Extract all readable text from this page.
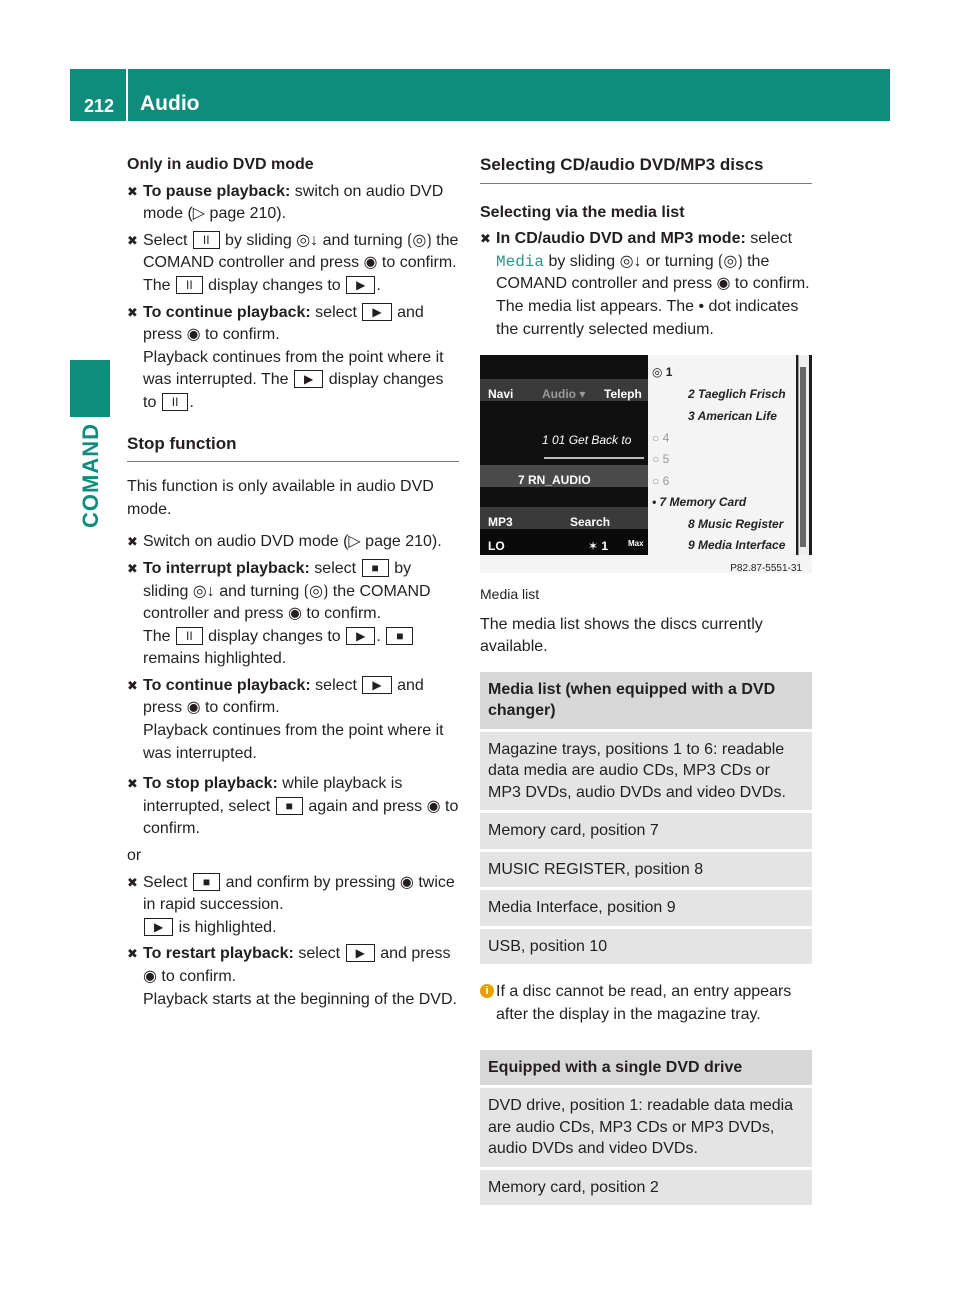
212 Audio
COMAND
Only in audio DVD mode
✖ To pause playback: switch on audio DVD mode (▷ page 210).
✖ Select II by sliding ◎↓ and turning ⟮◎⟯ the COMAND controller and press ◉ to confirm.
The II display changes to ▶ .
✖ To continue playback: select ▶ and press ◉ to confirm.
Playback continues from the point where it was interrupted. The ▶ display changes to II .
Stop function
This function is only available in audio DVD mode.
✖ Switch on audio DVD mode (▷ page 210).
✖ To interrupt playback: select ■ by sliding ◎↓ and turning ⟮◎⟯ the COMAND controller and press ◉ to confirm.
The II display changes to ▶ . ■ remains highlighted.
✖ To continue playback: select ▶ and press ◉ to confirm.
Playback continues from the point where it was interrupted.
✖ To stop playback: while playback is interrupted, select ■ again and press ◉ to confirm.
or
✖ Select ■ and confirm by pressing ◉ twice in rapid succession.
▶ is highlighted.
✖ To restart playback: select ▶ and press ◉ to confirm.
Playback starts at the beginning of the DVD.
Selecting CD/audio DVD/MP3 discs
Selecting via the media list
✖ In CD/audio DVD and MP3 mode: select
Media by sliding ◎↓ or turning ⟮◎⟯ the COMAND controller and press ◉ to confirm.
The media list appears. The • dot indicates the currently selected medium.
Navi Audio ▾ Teleph
1 01 Get Back to
7 RN_AUDIO
MP3	Search
LO	✶ 1 Max
◎ 1
2 Taeglich Frisch
3 American Life
○ 4
○ 5
○ 6
• 7 Memory Card
8 Music Register
9 Media Interface
P82.87-5551-31
Media list
The media list shows the discs currently available.
Media list (when equipped with a DVD changer)
Magazine trays, positions 1 to 6: readable data media are audio CDs, MP3 CDs or MP3 DVDs, audio DVDs and video DVDs.
Memory card, position 7
MUSIC REGISTER, position 8
Media Interface, position 9
USB, position 10
i If a disc cannot be read, an entry appears after the display in the magazine tray.
Equipped with a single DVD drive
DVD drive, position 1: readable data media are audio CDs, MP3 CDs or MP3 DVDs, audio DVDs and video DVDs.
Memory card, position 2
